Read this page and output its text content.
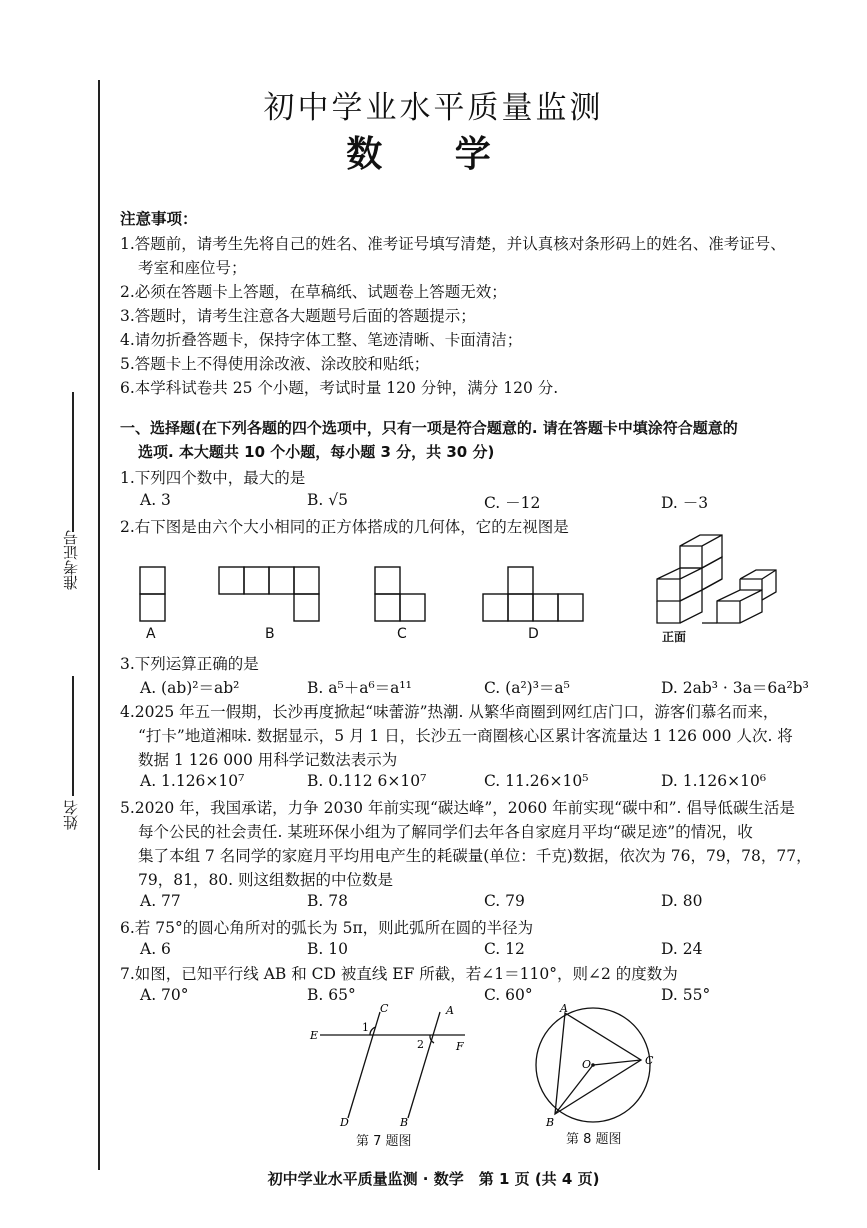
准考证号
姓名
初中学业水平质量监测
数 学
注意事项：
1.答题前，请考生先将自己的姓名、准考证号填写清楚，并认真核对条形码上的姓名、准考证号、
考室和座位号；
2.必须在答题卡上答题，在草稿纸、试题卷上答题无效；
3.答题时，请考生注意各大题题号后面的答题提示；
4.请勿折叠答题卡，保持字体工整、笔迹清晰、卡面清洁；
5.答题卡上不得使用涂改液、涂改胶和贴纸；
6.本学科试卷共 25 个小题，考试时量 120 分钟，满分 120 分.
一、选择题(在下列各题的四个选项中，只有一项是符合题意的. 请在答题卡中填涂符合题意的
选项. 本大题共 10 个小题，每小题 3 分，共 30 分)
1.下列四个数中，最大的是
A. 3	B. √5	C. －12	D. －3
2.右下图是由六个大小相同的正方体搭成的几何体，它的左视图是
A	B	C	D	正面
3.下列运算正确的是
A. (ab)²＝ab²	B. a⁵＋a⁶＝a¹¹	C. (a²)³＝a⁵	D. 2ab³ · 3a＝6a²b³
4.2025 年五一假期，长沙再度掀起“味蕾游”热潮. 从繁华商圈到网红店门口，游客们慕名而来，
“打卡”地道湘味. 数据显示，5 月 1 日，长沙五一商圈核心区累计客流量达 1 126 000 人次. 将
数据 1 126 000 用科学记数法表示为
A. 1.126×10⁷	B. 0.112 6×10⁷	C. 11.26×10⁵	D. 1.126×10⁶
5.2020 年，我国承诺，力争 2030 年前实现“碳达峰”，2060 年前实现“碳中和”. 倡导低碳生活是
每个公民的社会责任. 某班环保小组为了解同学们去年各自家庭月平均“碳足迹”的情况，收
集了本组 7 名同学的家庭月平均用电产生的耗碳量(单位：千克)数据，依次为 76，79，78，77，
79，81，80. 则这组数据的中位数是
A. 77	B. 78	C. 79	D. 80
6.若 75°的圆心角所对的弧长为 5π，则此弧所在圆的半径为
A. 6	B. 10	C. 12	D. 24
7.如图，已知平行线 AB 和 CD 被直线 EF 所截，若∠1＝110°，则∠2 的度数为
A. 70°	B. 65°	C. 60°	D. 55°
E
F
C	A
D	B
1
2
第 7 题图
A
C
B
O
第 8 题图
初中学业水平质量监测 · 数学　第 1 页 (共 4 页)
